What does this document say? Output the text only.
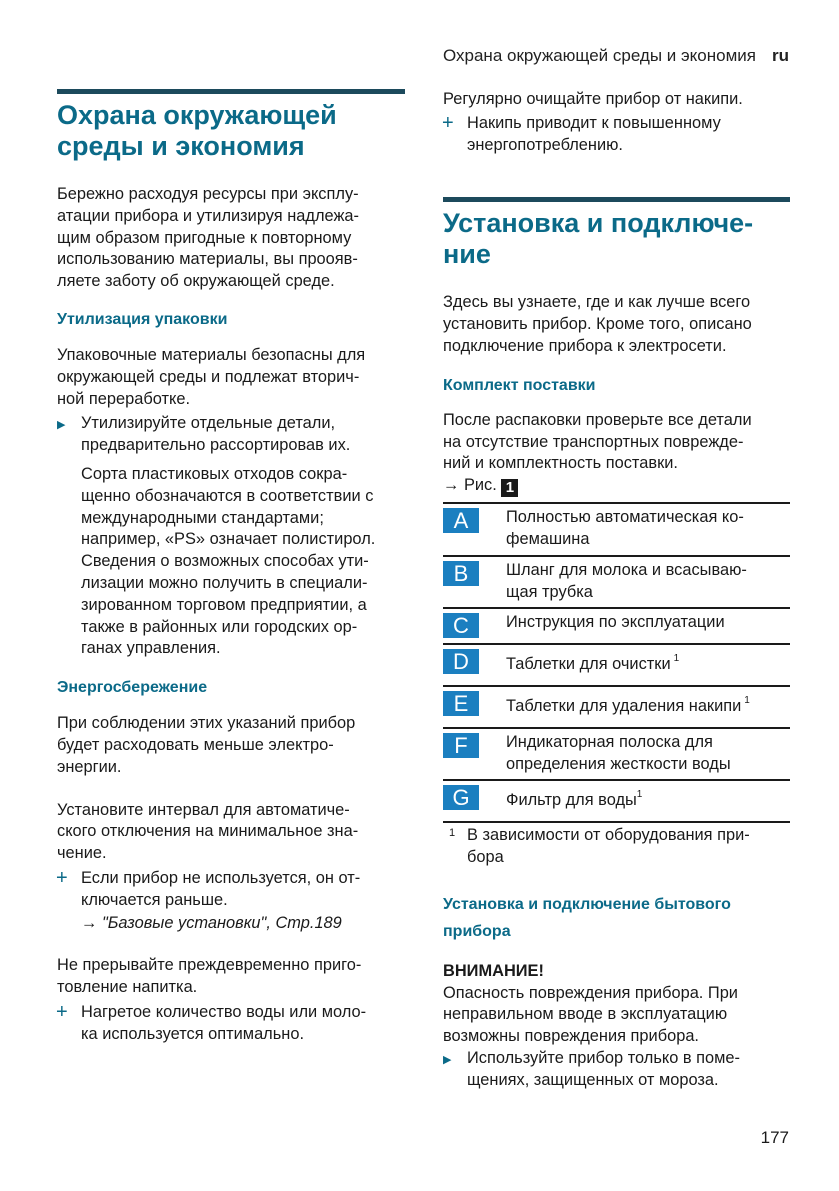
Охрана окружающей среды и экономия ru
Охрана окружающей
среды и экономия
Бережно расходуя ресурсы при эксплу-
атации прибора и утилизируя надлежа-
щим образом пригодные к повторному
использованию материалы, вы проояв-
ляете заботу об окружающей среде.
Утилизация упаковки
Упаковочные материалы безопасны для
окружающей среды и подлежат вторич-
ной переработке.
▶ Утилизируйте отдельные детали,
предварительно рассортировав их.
Сорта пластиковых отходов сокра-
щенно обозначаются в соответствии с
международными стандартами;
например, «PS» означает полистирол.
Сведения о возможных способах ути-
лизации можно получить в специали-
зированном торговом предприятии, а
также в районных или городских ор-
ганах управления.
Энергосбережение
При соблюдении этих указаний прибор
будет расходовать меньше электро-
энергии.
Установите интервал для автоматиче-
ского отключения на минимальное зна-
чение.
+ Если прибор не используется, он от-
ключается раньше.
→ "Базовые установки", Стр.189
Не прерывайте преждевременно приго-
товление напитка.
+ Нагретое количество воды или моло-
ка используется оптимально.
Регулярно очищайте прибор от накипи.
+ Накипь приводит к повышенному
энергопотреблению.
Установка и подключе-
ние
Здесь вы узнаете, где и как лучше всего
установить прибор. Кроме того, описано
подключение прибора к электросети.
Комплект поставки
После распаковки проверьте все детали
на отсутствие транспортных поврежде-
ний и комплектность поставки.
→ Рис. 1
A	Полностью автоматическая ко-
фемашина

B	Шланг для молока и всасываю-
щая трубка

C	Инструкция по эксплуатации

D	Таблетки для очистки $^1$
E	Таблетки для удаления накипи $^1$
F	Индикаторная полоска для
определения жесткости воды

G	Фильтр для воды$^1$
1 В зависимости от оборудования при-
бора
Установка и подключение бытового
прибора
ВНИМАНИЕ!
Опасность повреждения прибора. При
неправильном вводе в эксплуатацию
возможны повреждения прибора.
▶ Используйте прибор только в поме-
щениях, защищенных от мороза.
177
